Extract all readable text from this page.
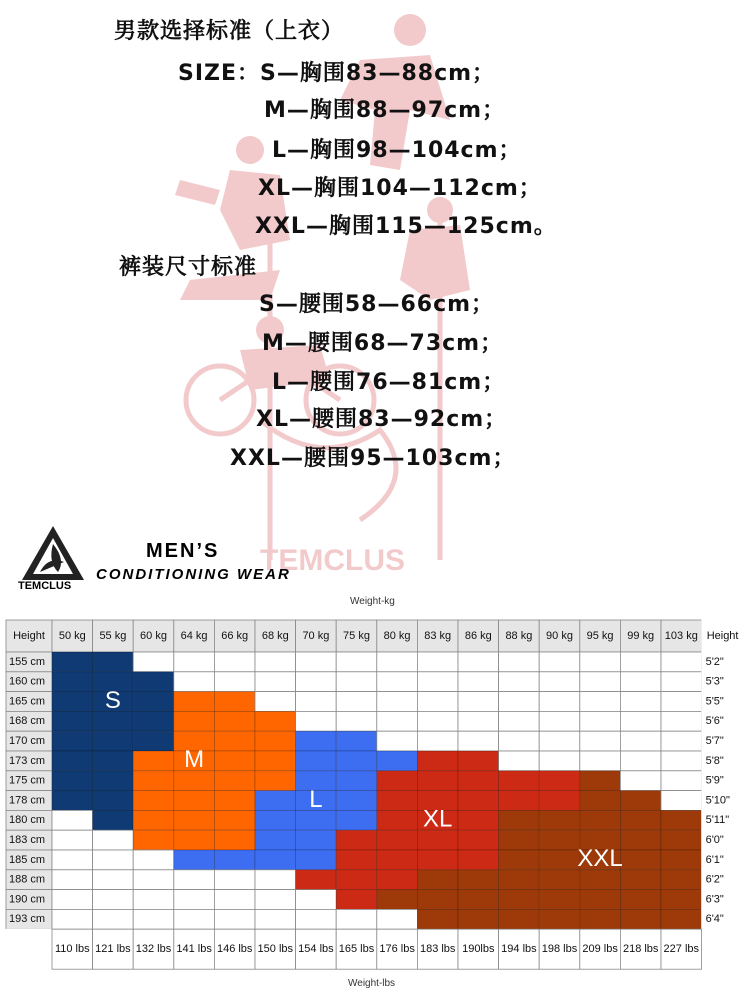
TEMCLUS
男款选择标准（上衣）
SIZE：S—胸围83—88cm；
M—胸围88—97cm；
L—胸围98—104cm；
XL—胸围104—112cm；
XXL—胸围115—125cm。
裤装尺寸标准
S—腰围58—66cm；
M—腰围68—73cm；
L—腰围76—81cm；
XL—腰围83—92cm；
XXL—腰围95—103cm；
TEMCLUS
MEN’S
CONDITIONING WEAR
Weight-kg
Weight-lbs
Height 50 kg 55 kg 60 kg 64 kg 66 kg 68 kg 70 kg 75 kg 80 kg 83 kg 86 kg 88 kg 90 kg 95 kg 99 kg 103 kg Height
155 cm	5'2"
160 cm	5'3"
165 cm	5'5"
168 cm	5'6"
170 cm	5'7"
173 cm	5'8"
175 cm	5'9"
178 cm	5'10"
180 cm	5'11"
183 cm	6'0"
185 cm	6'1"
188 cm	6'2"
190 cm	6'3"
193 cm	6'4"
110 lbs 121 lbs 132 lbs 141 lbs 146 lbs 150 lbs 154 lbs 165 lbs 176 lbs 183 lbs 190lbs 194 lbs 198 lbs 209 lbs 218 lbs 227 lbs
S
M
L
XL
XXL
